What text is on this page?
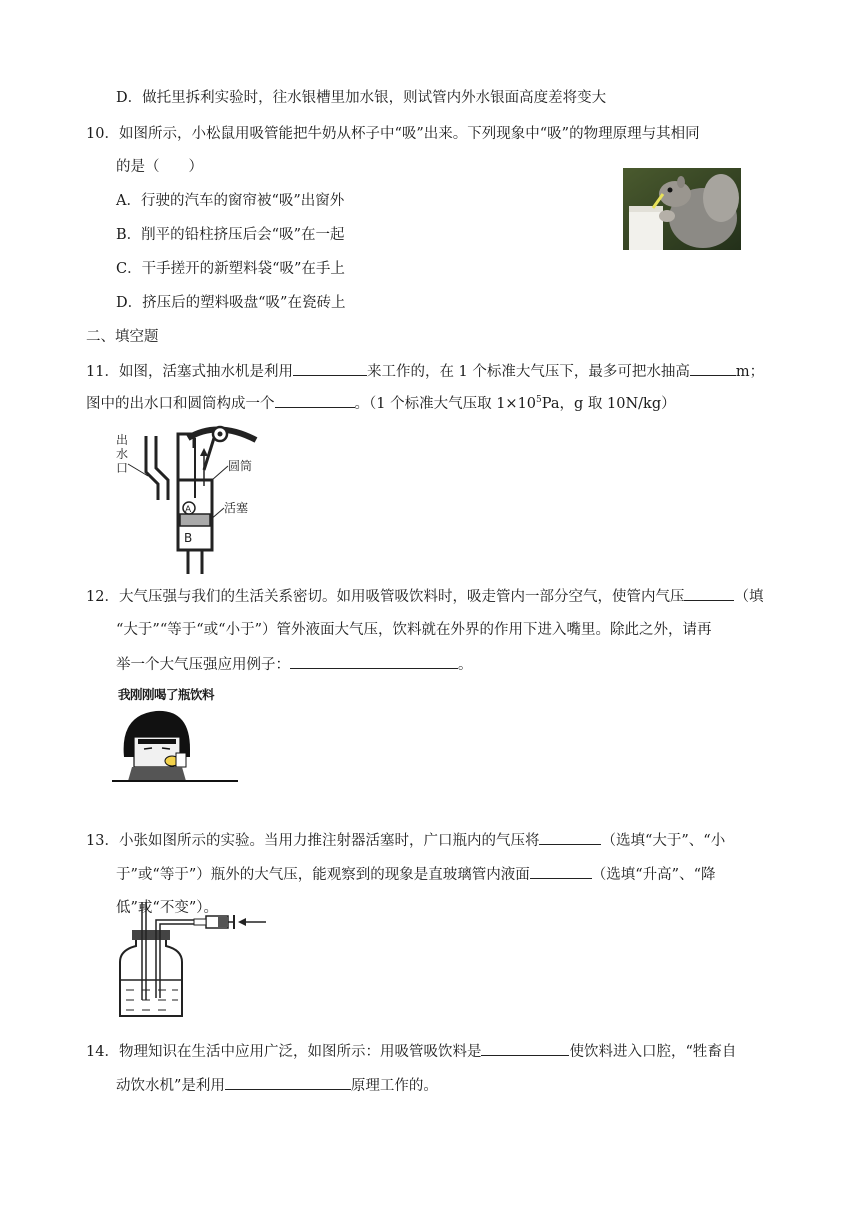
D．做托里拆利实验时，往水银槽里加水银，则试管内外水银面高度差将变大
10．如图所示，小松鼠用吸管能把牛奶从杯子中“吸”出来。下列现象中“吸”的物理原理与其相同
的是（　　）
A．行驶的汽车的窗帘被“吸”出窗外
B．削平的铅柱挤压后会“吸”在一起
C．干手搓开的新塑料袋“吸”在手上
D．挤压后的塑料吸盘“吸”在瓷砖上
二、填空题
11．如图，活塞式抽水机是利用	来工作的，在 1 个标准大气压下，最多可把水抽高	m；
图中的出水口和圆筒构成一个	。（1 个标准大气压取 $1\times 10^5Pa$，g 取 10N/kg）
A
B
出
水
口	圆筒
活塞
12．大气压强与我们的生活关系密切。如用吸管吸饮料时，吸走管内一部分空气，使管内气压	（填
“大于”“等于“或“小于”）管外液面大气压，饮料就在外界的作用下进入嘴里。除此之外，请再
举一个大气压强应用例子：	。
我刚刚喝了瓶饮料
13．小张如图所示的实验。当用力推注射器活塞时，广口瓶内的气压将	（选填“大于”、“小
于”或“等于”）瓶外的大气压，能观察到的现象是直玻璃管内液面	（选填“升高”、“降
低”或“不变”）。
14．物理知识在生活中应用广泛，如图所示：用吸管吸饮料是	使饮料进入口腔，“牲畜自
动饮水机”是利用	原理工作的。
